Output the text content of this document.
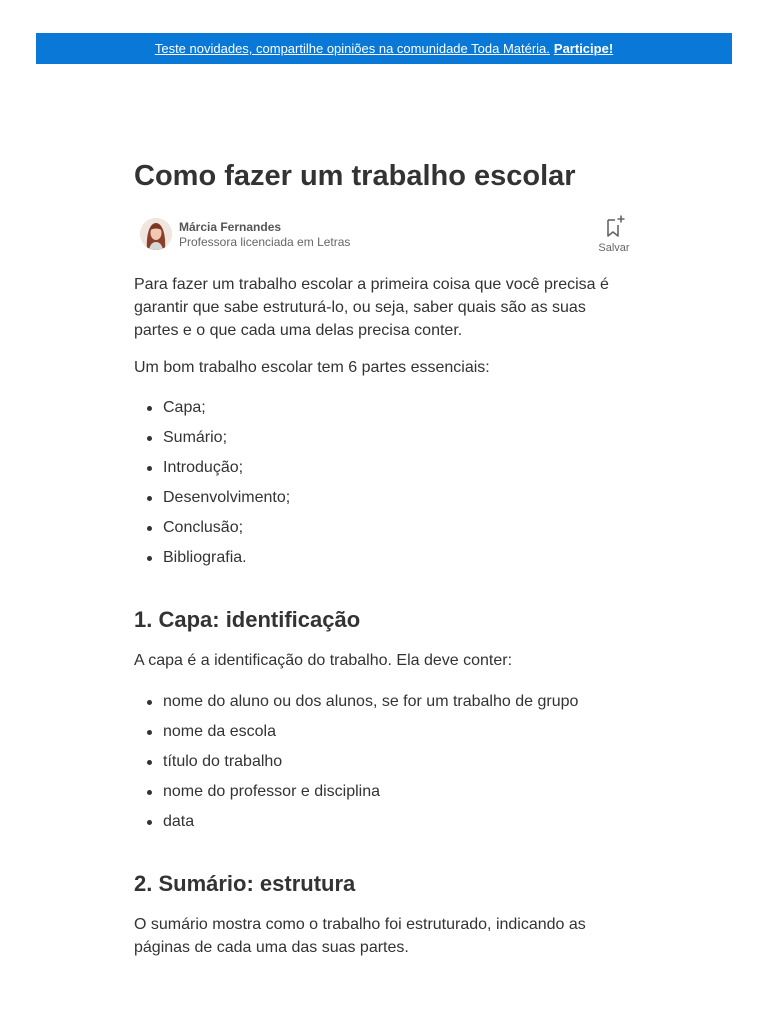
Teste novidades, compartilhe opiniões na comunidade Toda Matéria. Participe!
Como fazer um trabalho escolar
Márcia Fernandes
Professora licenciada em Letras	Salvar

Para fazer um trabalho escolar a primeira coisa que você precisa é garantir que sabe estruturá-lo, ou seja, saber quais são as suas partes e o que cada uma delas precisa conter.

Um bom trabalho escolar tem 6 partes essenciais:

Capa;
Sumário;
Introdução;
Desenvolvimento;
Conclusão;
Bibliografia.
1. Capa: identificação

A capa é a identificação do trabalho. Ela deve conter:

nome do aluno ou dos alunos, se for um trabalho de grupo
nome da escola
título do trabalho
nome do professor e disciplina
data
2. Sumário: estrutura

O sumário mostra como o trabalho foi estruturado, indicando as páginas de cada uma das suas partes.
